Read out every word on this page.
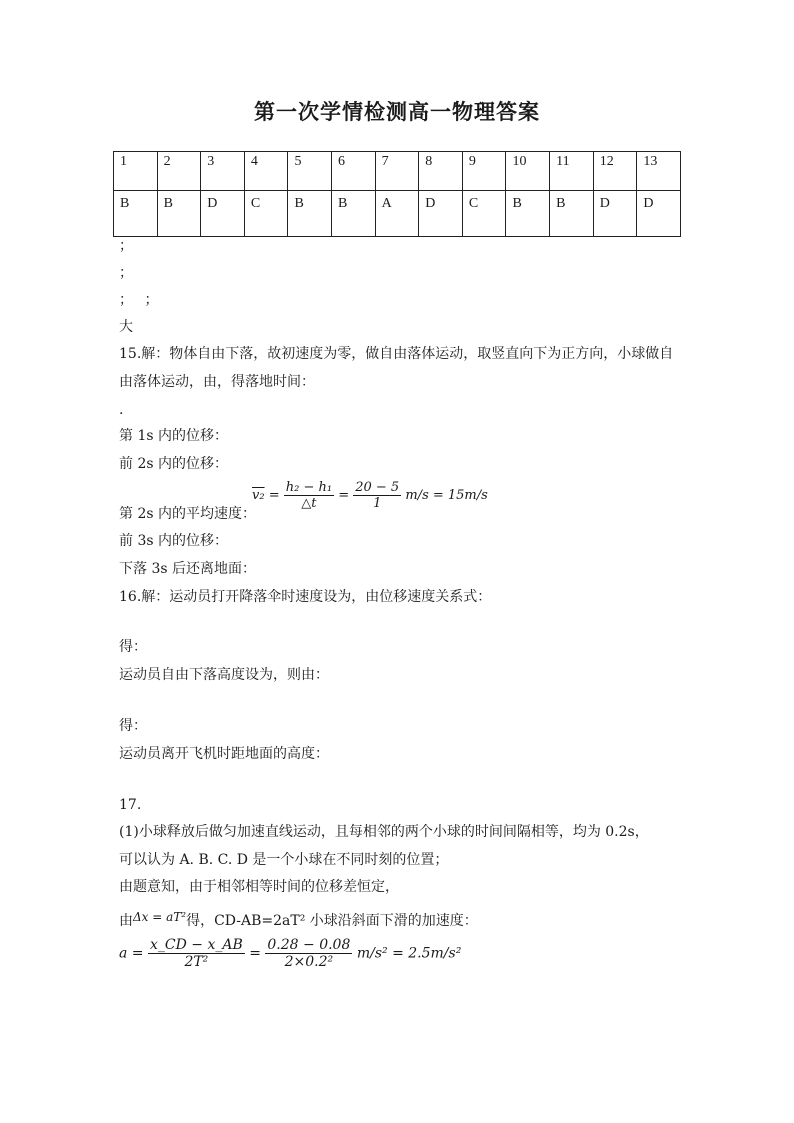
第一次学情检测高一物理答案
1	2	3	4	5	6	7	8	9	10	11	12	13
B	B	D	C	B	B	A	D	C	B	B	D	D
；
；
；　 ；
大
15.解：物体自由下落，故初速度为零，做自由落体运动，取竖直向下为正方向，小球做自由落体运动，由，得落地时间：
.
第 1s 内的位移：
前 2s 内的位移：
$v_2 = \frac{\text{h₂ − h₁}}{\triangle t} = \frac{20 - 5}{1} m/s = 15m/s$
第 2s 内的平均速度：
前 3s 内的位移：
下落 3s 后还离地面：
16.解：运动员打开降落伞时速度设为，由位移速度关系式：
得：
运动员自由下落高度设为，则由：
得：
运动员离开飞机时距地面的高度：
17.
(1)小球释放后做匀加速直线运动，且每相邻的两个小球的时间间隔相等，均为 0.2s，
可以认为 A. B. C. D 是一个小球在不同时刻的位置；
由题意知，由于相邻相等时间的位移差恒定，
由Δx = aT²得，CD-AB=2aT² 小球沿斜面下滑的加速度：
$a = \frac{x\_CD - x\_AB}{\text{2T²}} = \frac{0.28 - 0.08}{\text{2×0.2²}} m/s^2 = 2.5m/s^2$
